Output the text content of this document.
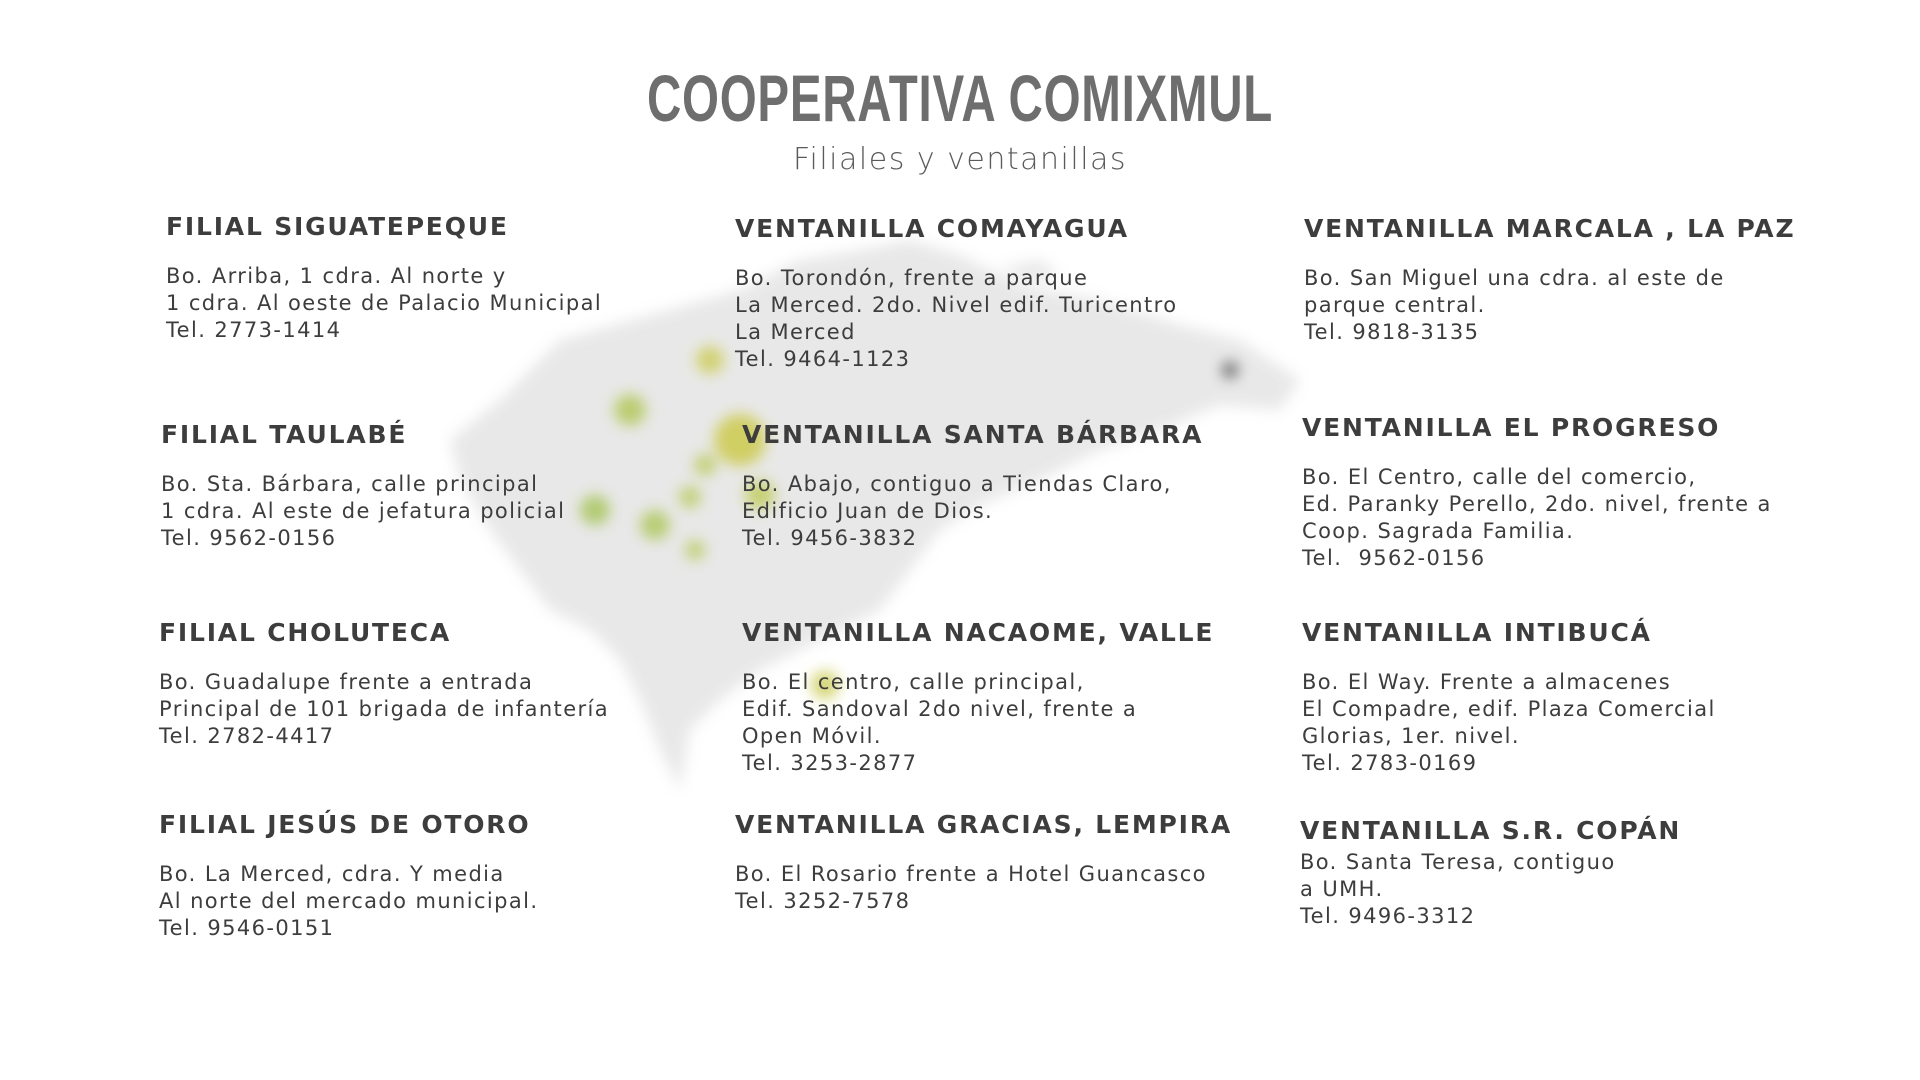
COOPERATIVA COMIXMUL
Filiales y ventanillas
FILIAL SIGUATEPEQUE
Bo. Arriba, 1 cdra. Al norte y
1 cdra. Al oeste de Palacio Municipal
Tel. 2773-1414
VENTANILLA COMAYAGUA
Bo. Torondón, frente a parque
La Merced. 2do. Nivel edif. Turicentro
La Merced
Tel. 9464-1123
VENTANILLA MARCALA , LA PAZ
Bo. San Miguel una cdra. al este de
parque central.
Tel. 9818-3135
FILIAL TAULABÉ
Bo. Sta. Bárbara, calle principal
1 cdra. Al este de jefatura policial
Tel. 9562-0156
VENTANILLA SANTA BÁRBARA
Bo. Abajo, contiguo a Tiendas Claro,
Edificio Juan de Dios.
Tel. 9456-3832
VENTANILLA EL PROGRESO
Bo. El Centro, calle del comercio,
Ed. Paranky Perello, 2do. nivel, frente a
Coop. Sagrada Familia.
Tel.  9562-0156
FILIAL CHOLUTECA
Bo. Guadalupe frente a entrada
Principal de 101 brigada de infantería
Tel. 2782-4417
VENTANILLA NACAOME, VALLE
Bo. El centro, calle principal,
Edif. Sandoval 2do nivel, frente a
Open Móvil.
Tel. 3253-2877
VENTANILLA INTIBUCÁ
Bo. El Way. Frente a almacenes
El Compadre, edif. Plaza Comercial
Glorias, 1er. nivel.
Tel. 2783-0169
FILIAL JESÚS DE OTORO
Bo. La Merced, cdra. Y media
Al norte del mercado municipal.
Tel. 9546-0151
VENTANILLA GRACIAS, LEMPIRA
Bo. El Rosario frente a Hotel Guancasco
Tel. 3252-7578
VENTANILLA S.R. COPÁN
Bo. Santa Teresa, contiguo
a UMH.
Tel. 9496-3312
